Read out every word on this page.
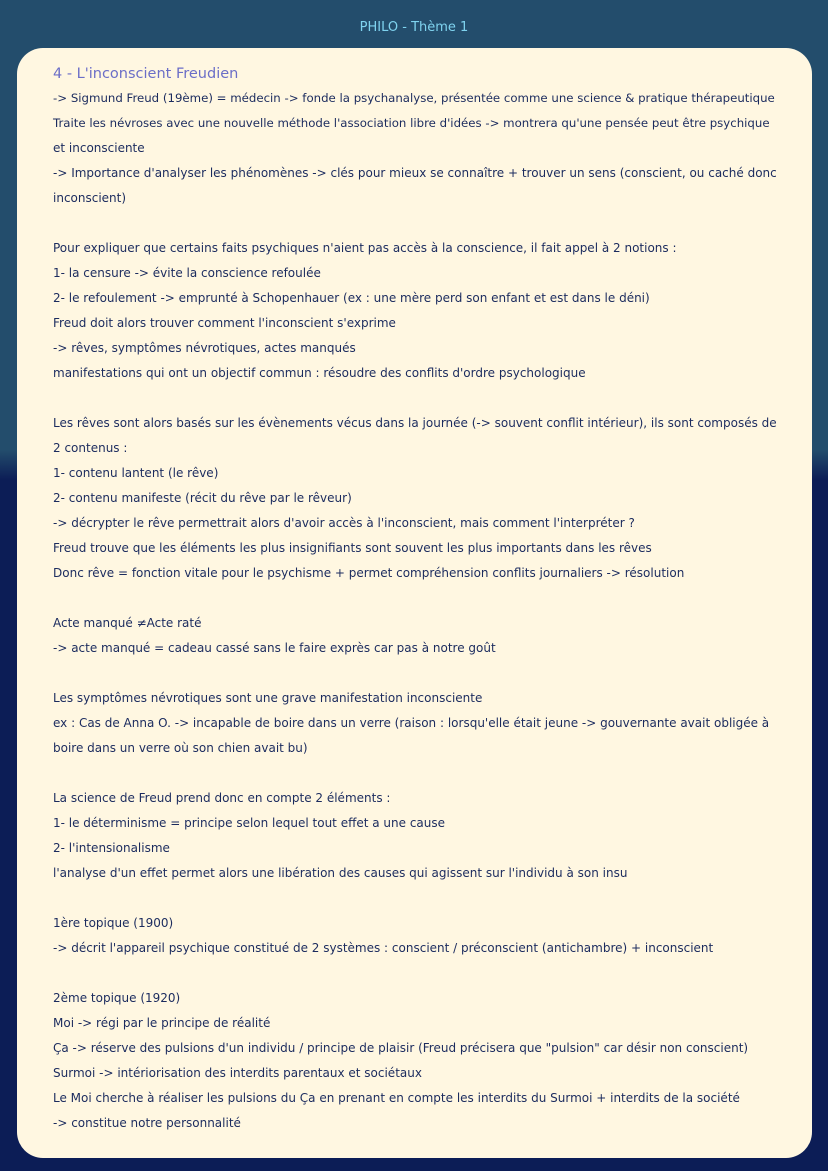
PHILO - Thème 1
4 - L'inconscient Freudien
-> Sigmund Freud (19ème) = médecin -> fonde la psychanalyse, présentée comme une science & pratique thérapeutique
Traite les névroses avec une nouvelle méthode l'association libre d'idées -> montrera qu'une pensée peut être psychique
et inconsciente
-> Importance d'analyser les phénomènes -> clés pour mieux se connaître + trouver un sens (conscient, ou caché donc
inconscient)
Pour expliquer que certains faits psychiques n'aient pas accès à la conscience, il fait appel à 2 notions :
1- la censure -> évite la conscience refoulée
2- le refoulement -> emprunté à Schopenhauer (ex : une mère perd son enfant et est dans le déni)
Freud doit alors trouver comment l'inconscient s'exprime
-> rêves, symptômes névrotiques, actes manqués
manifestations qui ont un objectif commun : résoudre des conflits d'ordre psychologique
Les rêves sont alors basés sur les évènements vécus dans la journée (-> souvent conflit intérieur), ils sont composés de
2 contenus :
1- contenu lantent (le rêve)
2- contenu manifeste (récit du rêve par le rêveur)
-> décrypter le rêve permettrait alors d'avoir accès à l'inconscient, mais comment l'interpréter ?
Freud trouve que les éléments les plus insignifiants sont souvent les plus importants dans les rêves
Donc rêve = fonction vitale pour le psychisme + permet compréhension conflits journaliers -> résolution
Acte manqué ≠Acte raté
-> acte manqué = cadeau cassé sans le faire exprès car pas à notre goût
Les symptômes névrotiques sont une grave manifestation inconsciente
ex : Cas de Anna O. -> incapable de boire dans un verre (raison : lorsqu'elle était jeune -> gouvernante avait obligée à
boire dans un verre où son chien avait bu)
La science de Freud prend donc en compte 2 éléments :
1- le déterminisme = principe selon lequel tout effet a une cause
2- l'intensionalisme
l'analyse d'un effet permet alors une libération des causes qui agissent sur l'individu à son insu
1ère topique (1900)
-> décrit l'appareil psychique constitué de 2 systèmes : conscient / préconscient (antichambre) + inconscient
2ème topique (1920)
Moi -> régi par le principe de réalité
Ça -> réserve des pulsions d'un individu / principe de plaisir (Freud précisera que "pulsion" car désir non conscient)
Surmoi -> intériorisation des interdits parentaux et sociétaux
Le Moi cherche à réaliser les pulsions du Ça en prenant en compte les interdits du Surmoi + interdits de la société
-> constitue notre personnalité
